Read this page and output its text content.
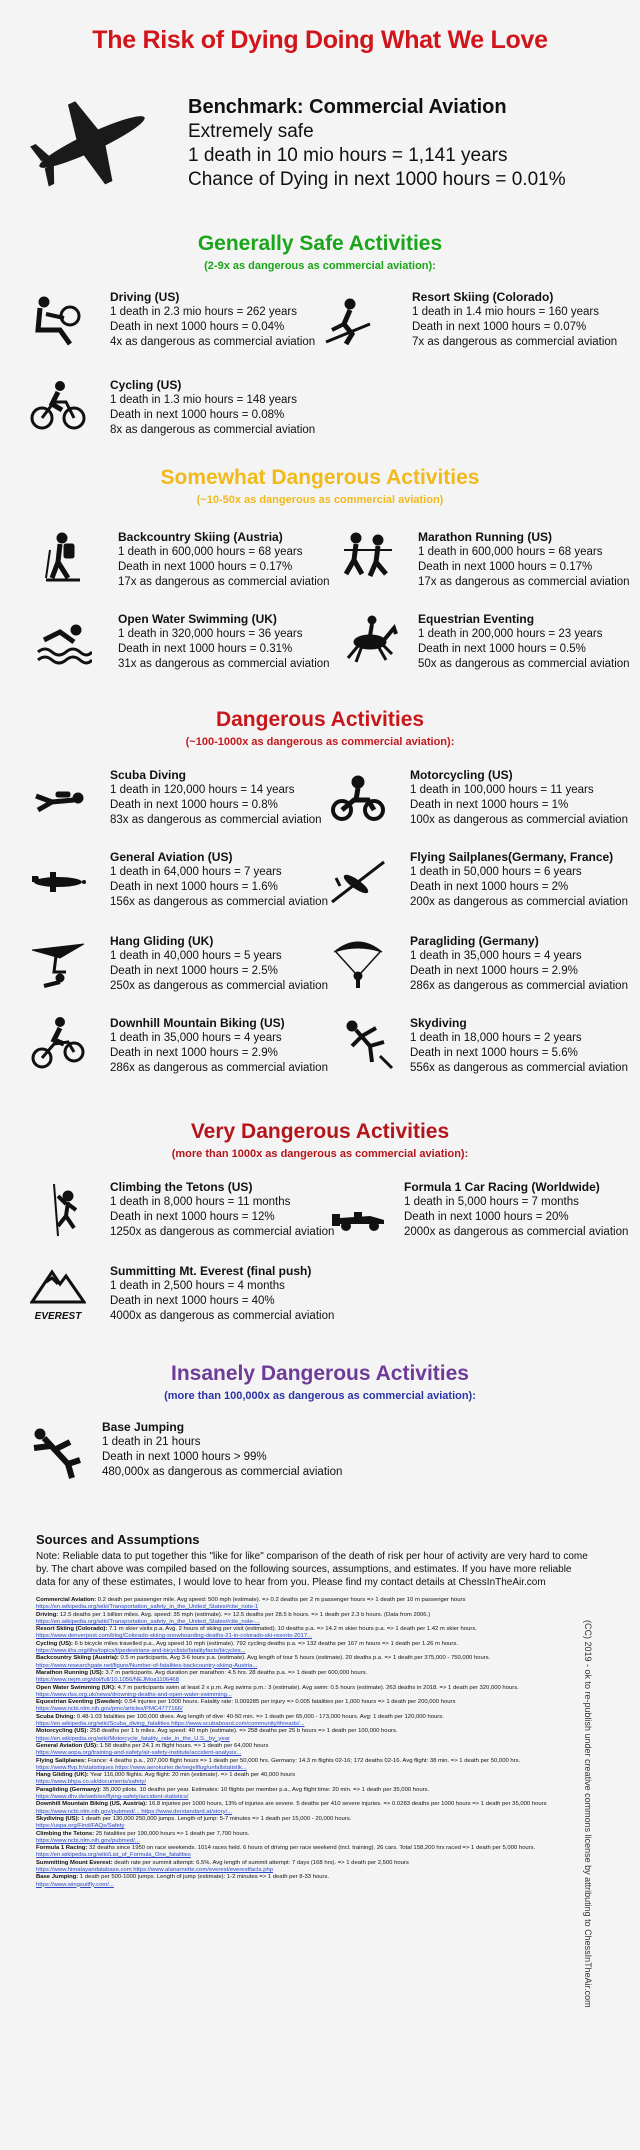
The Risk of Dying Doing What We Love
Benchmark: Commercial Aviation
Extremely safe
1 death in 10 mio hours = 1,141 years
Chance of Dying in next 1000 hours = 0.01%
Generally Safe Activities
(2-9x as dangerous as commercial aviation):
Driving (US)
1 death in 2.3 mio hours = 262 years
Death in next 1000 hours = 0.04%
4x as dangerous as commercial aviation
Resort Skiing (Colorado)
1 death in 1.4 mio hours = 160 years
Death in next 1000 hours = 0.07%
7x as dangerous as commercial aviation
Cycling (US)
1 death in 1.3 mio hours = 148 years
Death in next 1000 hours = 0.08%
8x as dangerous as commercial aviation
Somewhat Dangerous Activities
(~10-50x as dangerous as commercial aviation)
Backcountry Skiing (Austria)
1 death in 600,000 hours = 68 years
Death in next 1000 hours = 0.17%
17x as dangerous as commercial aviation
Marathon Running (US)
1 death in 600,000 hours = 68 years
Death in next 1000 hours = 0.17%
17x as dangerous as commercial aviation
Open Water Swimming (UK)
1 death in 320,000 hours = 36 years
Death in next 1000 hours = 0.31%
31x as dangerous as commercial aviation
Equestrian Eventing
1 death in 200,000 hours = 23 years
Death in next 1000 hours = 0.5%
50x as dangerous as commercial aviation
Dangerous Activities
(~100-1000x as dangerous as commercial aviation):
Scuba Diving
1 death in 120,000 hours = 14 years
Death in next 1000 hours = 0.8%
83x as dangerous as commercial aviation
Motorcycling (US)
1 death in 100,000 hours = 11 years
Death in next 1000 hours = 1%
100x as dangerous as commercial aviation
General Aviation (US)
1 death in 64,000 hours = 7 years
Death in next 1000 hours = 1.6%
156x as dangerous as commercial aviation
Flying Sailplanes(Germany, France)
1 death in 50,000 hours = 6 years
Death in next 1000 hours = 2%
200x as dangerous as commercial aviation
Hang Gliding (UK)
1 death in 40,000 hours = 5 years
Death in next 1000 hours = 2.5%
250x as dangerous as commercial aviation
Paragliding (Germany)
1 death in 35,000 hours = 4 years
Death in next 1000 hours = 2.9%
286x as dangerous as commercial aviation
Downhill Mountain Biking (US)
1 death in 35,000 hours = 4 years
Death in next 1000 hours = 2.9%
286x as dangerous as commercial aviation
Skydiving
1 death in 18,000 hours = 2 years
Death in next 1000 hours = 5.6%
556x as dangerous as commercial aviation
Very Dangerous Activities
(more than 1000x as dangerous as commercial aviation):
Climbing the Tetons (US)
1 death in 8,000 hours = 11 months
Death in next 1000 hours = 12%
1250x as dangerous as commercial aviation
Formula 1 Car Racing (Worldwide)
1 death in 5,000 hours = 7 months
Death in next 1000 hours = 20%
2000x as dangerous as commercial aviation
EVEREST
Summitting Mt. Everest (final push)
1 death in 2,500 hours = 4 months
Death in next 1000 hours = 40%
4000x as dangerous as commercial aviation
Insanely Dangerous Activities
(more than 100,000x as dangerous as commercial aviation):
Base Jumping
1 death in 21 hours
Death in next 1000 hours > 99%
480,000x as dangerous as commercial aviation
Sources and Assumptions
Note: Reliable data to put together this "like for like" comparison of the death of risk per hour of activity are very hard to come by. The chart above was compiled based on the following sources, assumptions, and estimates. If you have more reliable data for any of these estimates, I would love to hear from you. Please find my contact details at ChessInTheAir.com
Commercial Aviation: 0.2 death per passenger mile. Avg speed: 500 mph (estimate). => 0.2 deaths per 2 m passenger hours => 1 death per 10 m passenger hours
https://en.wikipedia.org/wiki/Transportation_safety_in_the_United_States#cite_note-1
Driving: 12.5 deaths per 1 billion miles. Avg. speed: 35 mph (estimate). => 12.5 deaths per 28.5 b hours. => 1 death per 2.3 b hours. (Data from 2006.)
https://en.wikipedia.org/wiki/Transportation_safety_in_the_United_States#cite_note-...
Resort Skiing (Colorado): 7.1 m skier visits p.a. Avg. 2 hours of skiing per visit (estimated). 10 deaths p.a. => 14.2 m skier hours p.a. => 1 death per 1.42 m skier hours.
https://www.denverpost.com/blog/Colorado-skiing-snowboarding-deaths-21-in-colorado-ski-resorts-2017...
Cycling (US): 6 b bicycle miles travelled p.a., Avg speed 10 mph (estimate). 792 cycling deaths p.a. => 132 deaths per 167 m hours => 1 death per 1.26 m hours.
https://www.iihs.org/iihs/topics/t/pedestrians-and-bicyclists/fatalityfacts/bicycles...
Backcountry Skiing (Austria): 0.5 m participants, Avg 3-6 tours p.a. (estimate). Avg length of tour 5 hours (estimate). 20 deaths p.a. => 1 death per 375,000 - 750,000 hours.
https://www.researchgate.net/figure/Number-of-fatalities-backcountry-skiing-Austria...
Marathon Running (US): 3.7 m participants. Avg duration per marathon: 4.5 hrs. 28 deaths p.a. => 1 death per 600,000 hours.
https://www.nejm.org/doi/full/10.1056/NEJMoa1106468
Open Water Swimming (UK): 4.7 m participants swim at least 2 x p.m. Avg swims p.m.: 3 (estimate). Avg swim: 0.5 hours (estimate). 263 deaths in 2018. => 1 death per 320,000 hours.
https://www.rlss.org.uk/news/drowning-deaths-and-open-water-swimming...
Equestrian Eventing (Sweden): 0.54 injuries per 1000 hours. Fatality rate: 0.009285 per injury => 0.005 fatalities per 1,000 hours => 1 death per 200,000 hours
https://www.ncbi.nlm.nih.gov/pmc/articles/PMC4777166/
Scuba Diving: 0.48-1.03 fatalities per 100,000 dives. Avg length of dive: 40-50 min. => 1 death per 65,000 - 173,000 hours. Avg: 1 death per 120,000 hours.
https://en.wikipedia.org/wiki/Scuba_diving_fatalities https://www.scubaboard.com/community/threads/...
Motorcycling (US): 258 deaths per 1 b miles. Avg speed: 40 mph (estimate). => 258 deaths per 25 b hours => 1 death per 100,000 hours.
https://en.wikipedia.org/wiki/Motorcycle_fatality_rate_in_the_U.S._by_year
General Aviation (US): 1.58 deaths per 24.1 m flight hours. => 1 death per 64,000 hours
https://www.aopa.org/training-and-safety/air-safety-institute/accident-analysis...
Flying Sailplanes: France: 4 deaths p.a., 207,000 flight hours => 1 death per 50,000 hrs. Germany: 14.3 m flights 02-16; 172 deaths 02-16. Avg flight: 38 min. => 1 death per 50,000 hrs.
https://www.ffvp.fr/statistiques https://www.aerokurier.de/segelflug/unfallstatistik...
Hang Gliding (UK): Year 116,000 flights. Avg flight: 20 min (estimate). => 1 death per 40,000 hours
https://www.bhpa.co.uk/documents/safety/
Paragliding (Germany): 35,000 pilots. 10 deaths per year. Estimates: 10 flights per member p.a., Avg flight time: 20 min. => 1 death per 35,000 hours.
https://www.dhv.de/web/en/flying-safety/accident-statistics/
Downhill Mountain Biking (US, Austria): 16.8 injuries per 1000 hours, 13% of injuries are severe. 5 deaths per 410 severe injuries. => 0.0283 deaths per 1000 hours => 1 death per 35,000 hours
https://www.ncbi.nlm.nih.gov/pubmed/... https://www.derstandard.at/story/...
Skydiving (US): 1 death per 130,000 250,000 jumps. Length of jump: 5-7 minutes => 1 death per 15,000 - 20,000 hours.
https://uspa.org/Find/FAQs/Safety
Climbing the Tetons: 25 fatalities per 190,000 hours => 1 death per 7,700 hours.
https://www.ncbi.nlm.nih.gov/pubmed/...
Formula 1 Racing: 32 deaths since 1950 on race weekends. 1014 races held. 6 hours of driving per race weekend (incl. training). 26 cars. Total 158,200 hrs raced => 1 death per 5,000 hours.
https://en.wikipedia.org/wiki/List_of_Formula_One_fatalities
Summitting Mount Everest: death rate per summit attempt: 6.5%. Avg length of summit attempt: 7 days (168 hrs). => 1 death per 2,500 hours
https://www.himalayandatabase.com https://www.alanarnette.com/everest/everestfacts.php
Base Jumping: 1 death per 500-1000 jumps. Length of jump (estimate): 1-2 minutes => 1 death per 8-33 hours.
https://www.wingsuitfly.com/...	(CC) 2019 - ok to re-publish under creative commons license by attributing to ChessInTheAir.com
